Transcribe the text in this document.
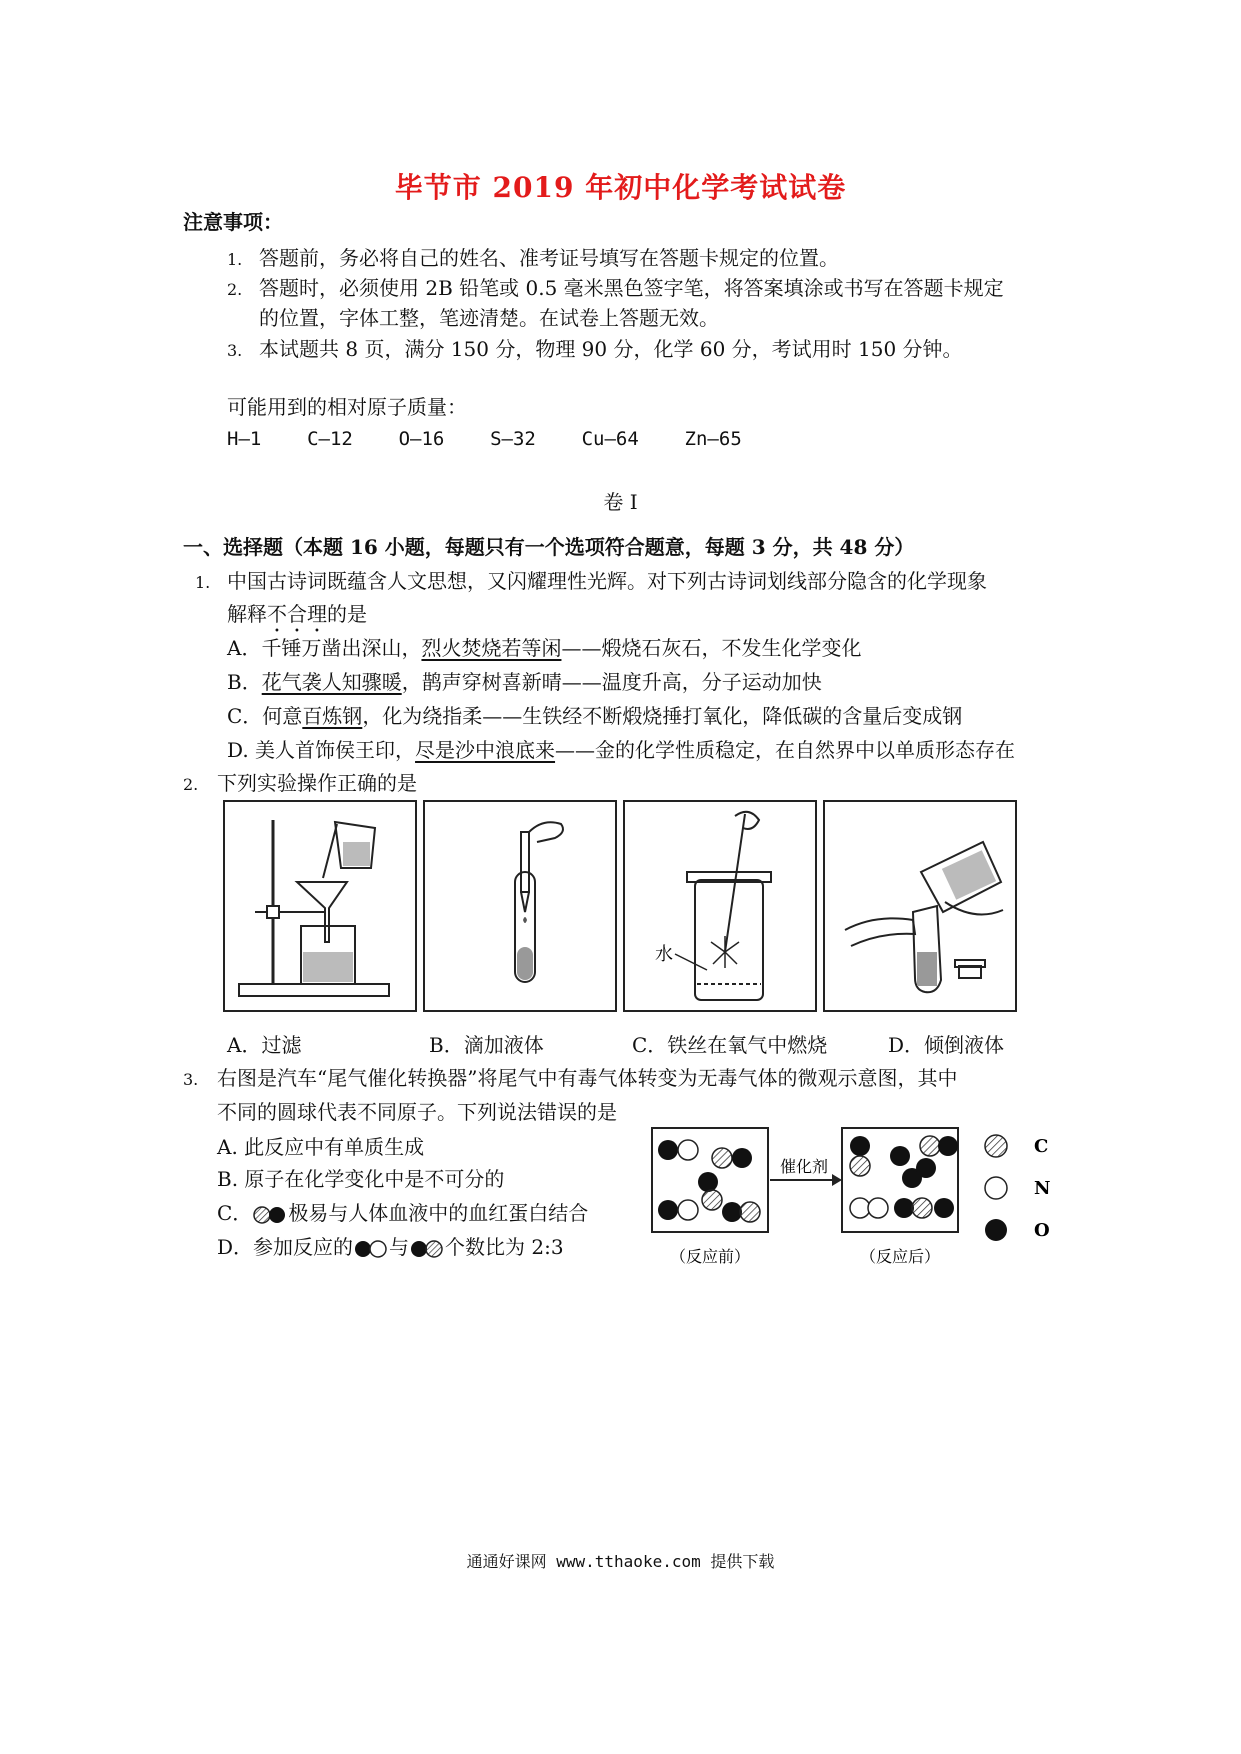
毕节市 2019 年初中化学考试试卷
注意事项：
1. 答题前，务必将自己的姓名、准考证号填写在答题卡规定的位置。
2. 答题时，必须使用 2B 铅笔或 0.5 毫米黑色签字笔，将答案填涂或书写在答题卡规定
的位置，字体工整，笔迹清楚。在试卷上答题无效。
3. 本试题共 8 页，满分 150 分，物理 90 分，化学 60 分，考试用时 150 分钟。
可能用到的相对原子质量：
H—1    C—12    O—16    S—32    Cu—64    Zn—65
卷 Ⅰ
一、选择题（本题 16 小题，每题只有一个选项符合题意，每题 3 分，共 48 分）
1. 中国古诗词既蕴含人文思想，又闪耀理性光辉。对下列古诗词划线部分隐含的化学现象
解释不合理的是
A．千锤万凿出深山，烈火焚烧若等闲——煅烧石灰石，不发生化学变化
B．花气袭人知骤暖，鹊声穿树喜新晴——温度升高，分子运动加快
C．何意百炼钢，化为绕指柔——生铁经不断煅烧捶打氧化，降低碳的含量后变成钢
D. 美人首饰侯王印，尽是沙中浪底来——金的化学性质稳定，在自然界中以单质形态存在
2. 下列实验操作正确的是
水
A．过滤	B．滴加液体	C．铁丝在氧气中燃烧	D．倾倒液体
3. 右图是汽车“尾气催化转换器”将尾气中有毒气体转变为无毒气体的微观示意图，其中
不同的圆球代表不同原子。下列说法错误的是
A. 此反应中有单质生成
B. 原子在化学变化中是不可分的
C． 极易与人体血液中的血红蛋白结合
D．参加反应的 与 个数比为 2:3	（反应前）
催化剂
（反应后）
C
N
O
通通好课网 www.tthaoke.com 提供下载
